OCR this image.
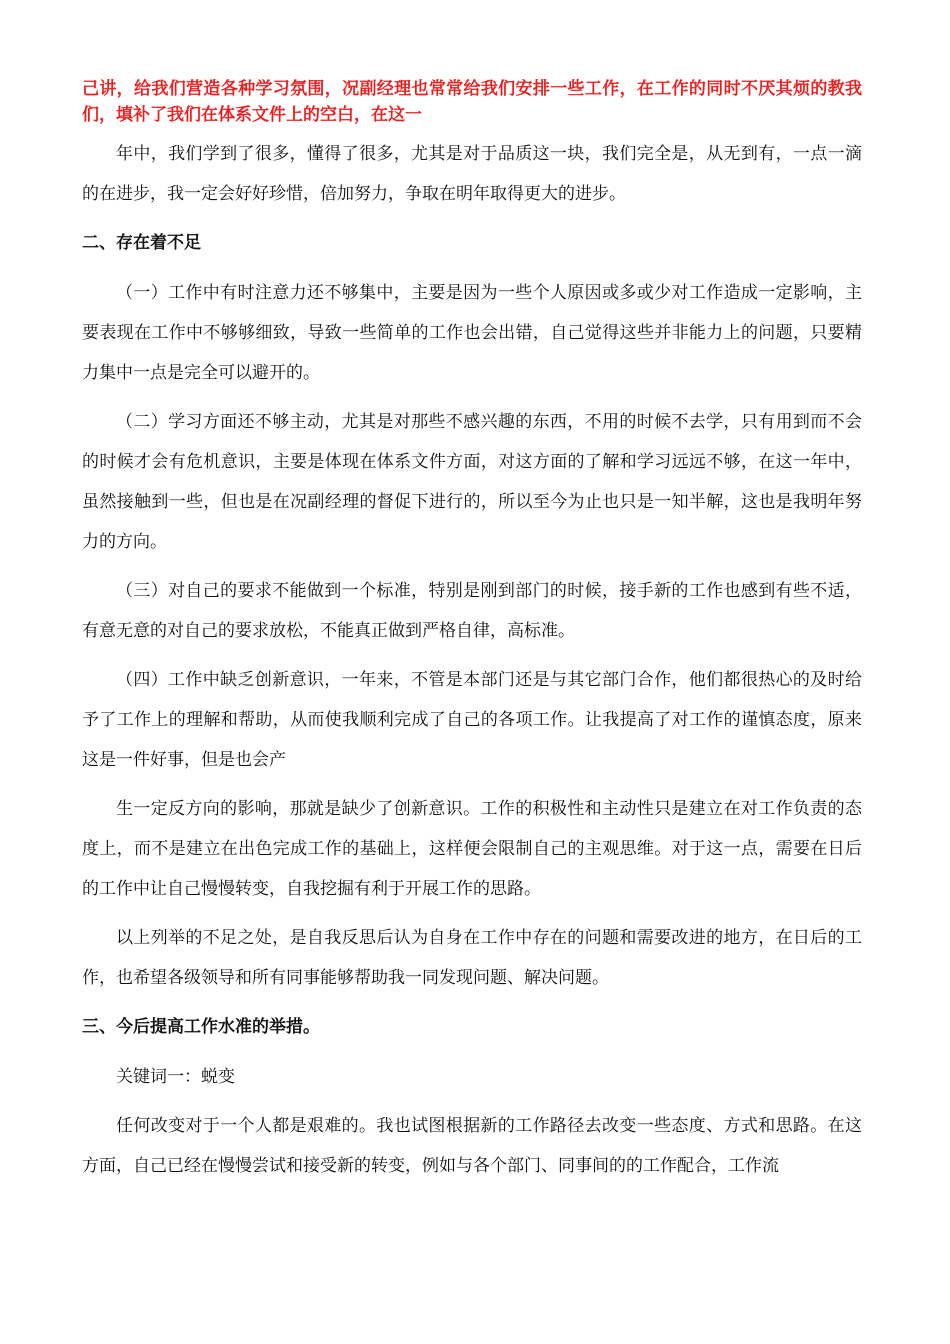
己讲，给我们营造各种学习氛围，况副经理也常常给我们安排一些工作，在工作的同时不厌其烦的教我们，填补了我们在体系文件上的空白，在这一

年中，我们学到了很多，懂得了很多，尤其是对于品质这一块，我们完全是，从无到有，一点一滴的在进步，我一定会好好珍惜，倍加努力，争取在明年取得更大的进步。

二、存在着不足

（一）工作中有时注意力还不够集中，主要是因为一些个人原因或多或少对工作造成一定影响，主要表现在工作中不够够细致，导致一些简单的工作也会出错，自己觉得这些并非能力上的问题，只要精力集中一点是完全可以避开的。

（二）学习方面还不够主动，尤其是对那些不感兴趣的东西，不用的时候不去学，只有用到而不会的时候才会有危机意识，主要是体现在体系文件方面，对这方面的了解和学习远远不够，在这一年中，虽然接触到一些，但也是在况副经理的督促下进行的，所以至今为止也只是一知半解，这也是我明年努力的方向。

（三）对自己的要求不能做到一个标准，特别是刚到部门的时候，接手新的工作也感到有些不适，有意无意的对自己的要求放松，不能真正做到严格自律，高标准。

（四）工作中缺乏创新意识，一年来，不管是本部门还是与其它部门合作，他们都很热心的及时给予了工作上的理解和帮助，从而使我顺利完成了自己的各项工作。让我提高了对工作的谨慎态度，原来这是一件好事，但是也会产

生一定反方向的影响，那就是缺少了创新意识。工作的积极性和主动性只是建立在对工作负责的态度上，而不是建立在出色完成工作的基础上，这样便会限制自己的主观思维。对于这一点，需要在日后的工作中让自己慢慢转变，自我挖掘有利于开展工作的思路。

以上列举的不足之处，是自我反思后认为自身在工作中存在的问题和需要改进的地方，在日后的工作，也希望各级领导和所有同事能够帮助我一同发现问题、解决问题。

三、今后提高工作水准的举措。

关键词一：蜕变

任何改变对于一个人都是艰难的。我也试图根据新的工作路径去改变一些态度、方式和思路。在这方面，自己已经在慢慢尝试和接受新的转变，例如与各个部门、同事间的的工作配合，工作流
